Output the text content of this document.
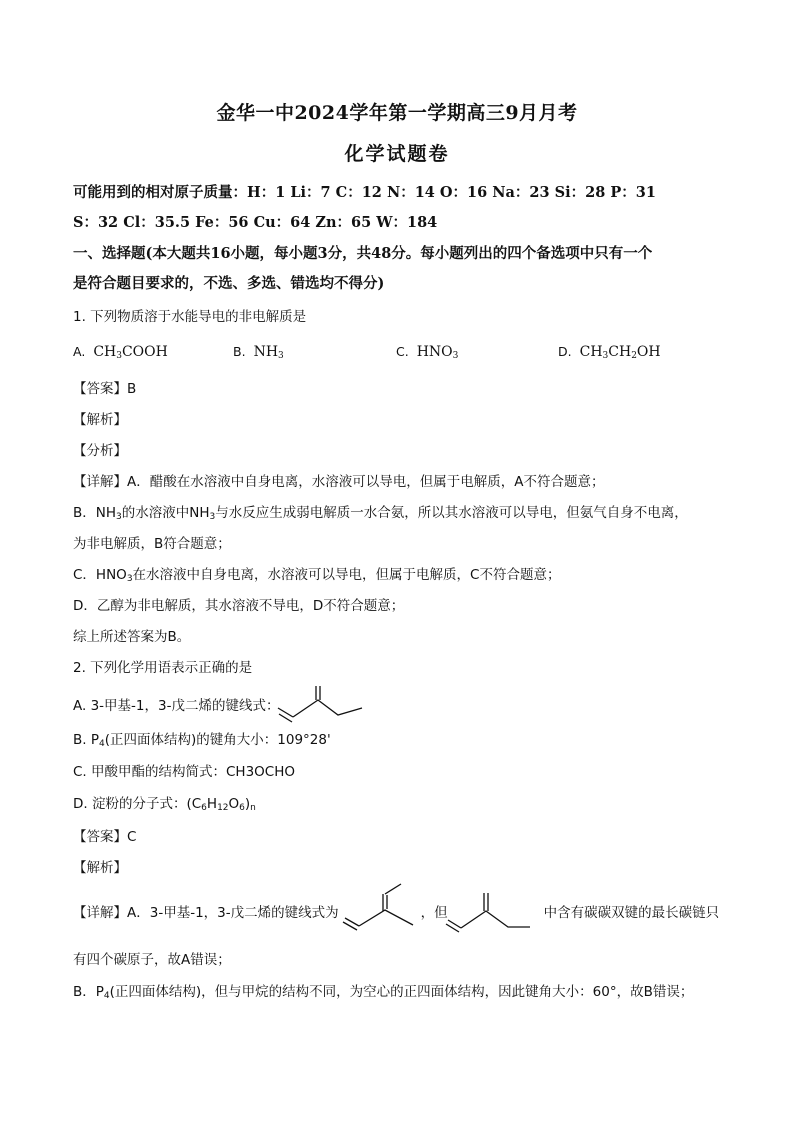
金华一中2024学年第一学期高三9月月考
化学试题卷
可能用到的相对原子质量：H：1 Li：7 C：12 N：14 O：16 Na：23 Si：28 P：31
S：32 Cl：35.5 Fe：56 Cu：64 Zn：65 W：184
一、选择题(本大题共16小题，每小题3分，共48分。每小题列出的四个备选项中只有一个
是符合题目要求的，不选、多选、错选均不得分)
1. 下列物质溶于水能导电的非电解质是
A. $CH_3COOH$	B. $NH_3$	C. $HNO_3$	D. $CH_3CH_2OH$
【答案】B
【解析】
【分析】
【详解】A．醋酸在水溶液中自身电离，水溶液可以导电，但属于电解质，A不符合题意；
B．$NH_3$的水溶液中$NH_3$与水反应生成弱电解质一水合氨，所以其水溶液可以导电，但氨气自身不电离，
为非电解质，B符合题意；
C．$HNO_3$在水溶液中自身电离，水溶液可以导电，但属于电解质，C不符合题意；
D．乙醇为非电解质，其水溶液不导电，D不符合题意；
综上所述答案为B。
2. 下列化学用语表示正确的是
A. 3-甲基-1，3-戊二烯的键线式：
B. $P_4$(正四面体结构)的键角大小：109°28'
C. 甲酸甲酯的结构简式：CH3OCHO
D. 淀粉的分子式：$(C_6H_{12}O_6)_n$
【答案】C
【解析】
【详解】A．3-甲基-1，3-戊二烯的键线式为	，但	中含有碳碳双键的最长碳链只
有四个碳原子，故A错误；
B．$P_4$(正四面体结构)，但与甲烷的结构不同，为空心的正四面体结构，因此键角大小：60°，故B错误；
